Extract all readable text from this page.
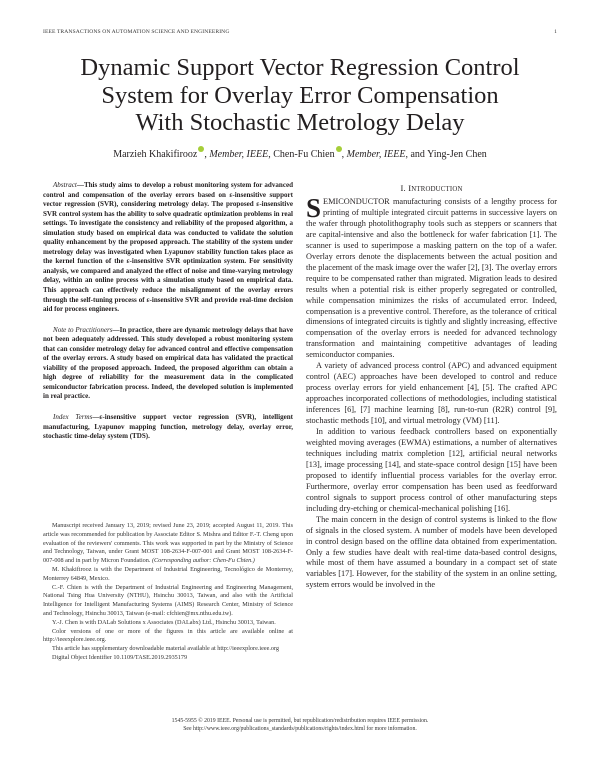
IEEE TRANSACTIONS ON AUTOMATION SCIENCE AND ENGINEERING	1
Dynamic Support Vector Regression Control
System for Overlay Error Compensation
With Stochastic Metrology Delay
Marzieh Khakifirooz , Member, IEEE, Chen-Fu Chien , Member, IEEE, and Ying-Jen Chen

Abstract—This study aims to develop a robust monitoring system for advanced control and compensation of the overlay errors based on ε-insensitive support vector regression (SVR), considering metrology delay. The proposed ε-insensitive SVR control system has the ability to solve quadratic optimization problems in real settings. To investigate the consistency and reliability of the proposed algorithm, a simulation study based on empirical data was conducted to validate the solution quality enhancement by the proposed approach. The stability of the system under metrology delay was investigated when Lyapunov stability function takes place as the kernel function of the ε-insensitive SVR optimization system. For sensitivity analysis, we compared and analyzed the effect of noise and time-varying metrology delay, within an online process with a simulation study based on empirical data. This approach can effectively reduce the misalignment of the overlay errors through the self-tuning process of ε-insensitive SVR and provide real-time decision aid for process engineers.

Note to Practitioners—In practice, there are dynamic metrology delays that have not been adequately addressed. This study developed a robust monitoring system that can consider metrology delay for advanced control and effective compensation of the overlay errors. A study based on empirical data has validated the practical viability of the proposed approach. Indeed, the proposed algorithm can obtain a high degree of reliability for the measurement data in the complicated semiconductor fabrication process. Indeed, the developed solution is implemented in real practice.

Index Terms—ε-insensitive support vector regression (SVR), intelligent manufacturing, Lyapunov mapping function, metrology delay, overlay error, stochastic time-delay system (TDS).

Manuscript received January 13, 2019; revised June 23, 2019; accepted August 11, 2019. This article was recommended for publication by Associate Editor S. Mishra and Editor F.-T. Cheng upon evaluation of the reviewers' comments. This work was supported in part by the Ministry of Science and Technology, Taiwan, under Grant MOST 108-2634-F-007-001 and Grant MOST 108-2634-F-007-008 and in part by Micron Foundation. (Corresponding author: Chen-Fu Chien.)

M. Khakifirooz is with the Department of Industrial Engineering, Tecnológico de Monterrey, Monterrey 64849, Mexico.

C.-F. Chien is with the Department of Industrial Engineering and Engineering Management, National Tsing Hua University (NTHU), Hsinchu 30013, Taiwan, and also with the Artificial Intelligence for Intelligent Manufacturing Systems (AIMS) Research Center, Ministry of Science and Technology, Hsinchu 30013, Taiwan (e-mail: cfchien@mx.nthu.edu.tw).

Y.-J. Chen is with DALab Solutions x Associates (DALabx) Ltd., Hsinchu 30013, Taiwan.

Color versions of one or more of the figures in this article are available online at http://ieeexplore.ieee.org.

This article has supplementary downloadable material available at http://ieeexplore.ieee.org

Digital Object Identifier 10.1109/TASE.2019.2935179

I. INTRODUCTION

SEMICONDUCTOR manufacturing consists of a lengthy process for printing of multiple integrated circuit patterns in successive layers on the wafer through photolithography tools such as steppers or scanners that are capital-intensive and also the bottleneck for wafer fabrication [1]. The scanner is used to superimpose a masking pattern on the top of a wafer. Overlay errors denote the displacements between the actual position and the placement of the mask image over the wafer [2], [3]. The overlay errors require to be compensated rather than migrated. Migration leads to desired results when a potential risk is either properly segregated or controlled, while compensation minimizes the risks of accumulated error. Indeed, compensation is a preventive control. Therefore, as the tolerance of critical dimensions of integrated circuits is tightly and slightly increasing, effective compensation of the overlay errors is needed for advanced technology transformation and maintaining competitive advantages of leading semiconductor companies.

A variety of advanced process control (APC) and advanced equipment control (AEC) approaches have been developed to control and reduce process overlay errors for yield enhancement [4], [5]. The crafted APC approaches incorporated collections of methodologies, including statistical inferences [6], [7] machine learning [8], run-to-run (R2R) control [9], stochastic methods [10], and virtual metrology (VM) [11].

In addition to various feedback controllers based on exponentially weighted moving averages (EWMA) estimations, a number of alternatives techniques including matrix completion [12], artificial neural networks [13], image processing [14], and state-space control design [15] have been proposed to identify influential process variables for the overlay error. Furthermore, overlay error compensation has been used as feedforward control signals to support process control of other manufacturing steps including dry-etching or chemical-mechanical polishing [16].

The main concern in the design of control systems is linked to the flow of signals in the closed system. A number of models have been developed in control design based on the offline data obtained from experimentation. Only a few studies have dealt with real-time data-based control designs, while most of them have assumed a boundary in a compact set of state variables [17]. However, for the stability of the system in an online setting, system errors would be involved in the

1545-5955 © 2019 IEEE. Personal use is permitted, but republication/redistribution requires IEEE permission.
See http://www.ieee.org/publications_standards/publications/rights/index.html for more information.
